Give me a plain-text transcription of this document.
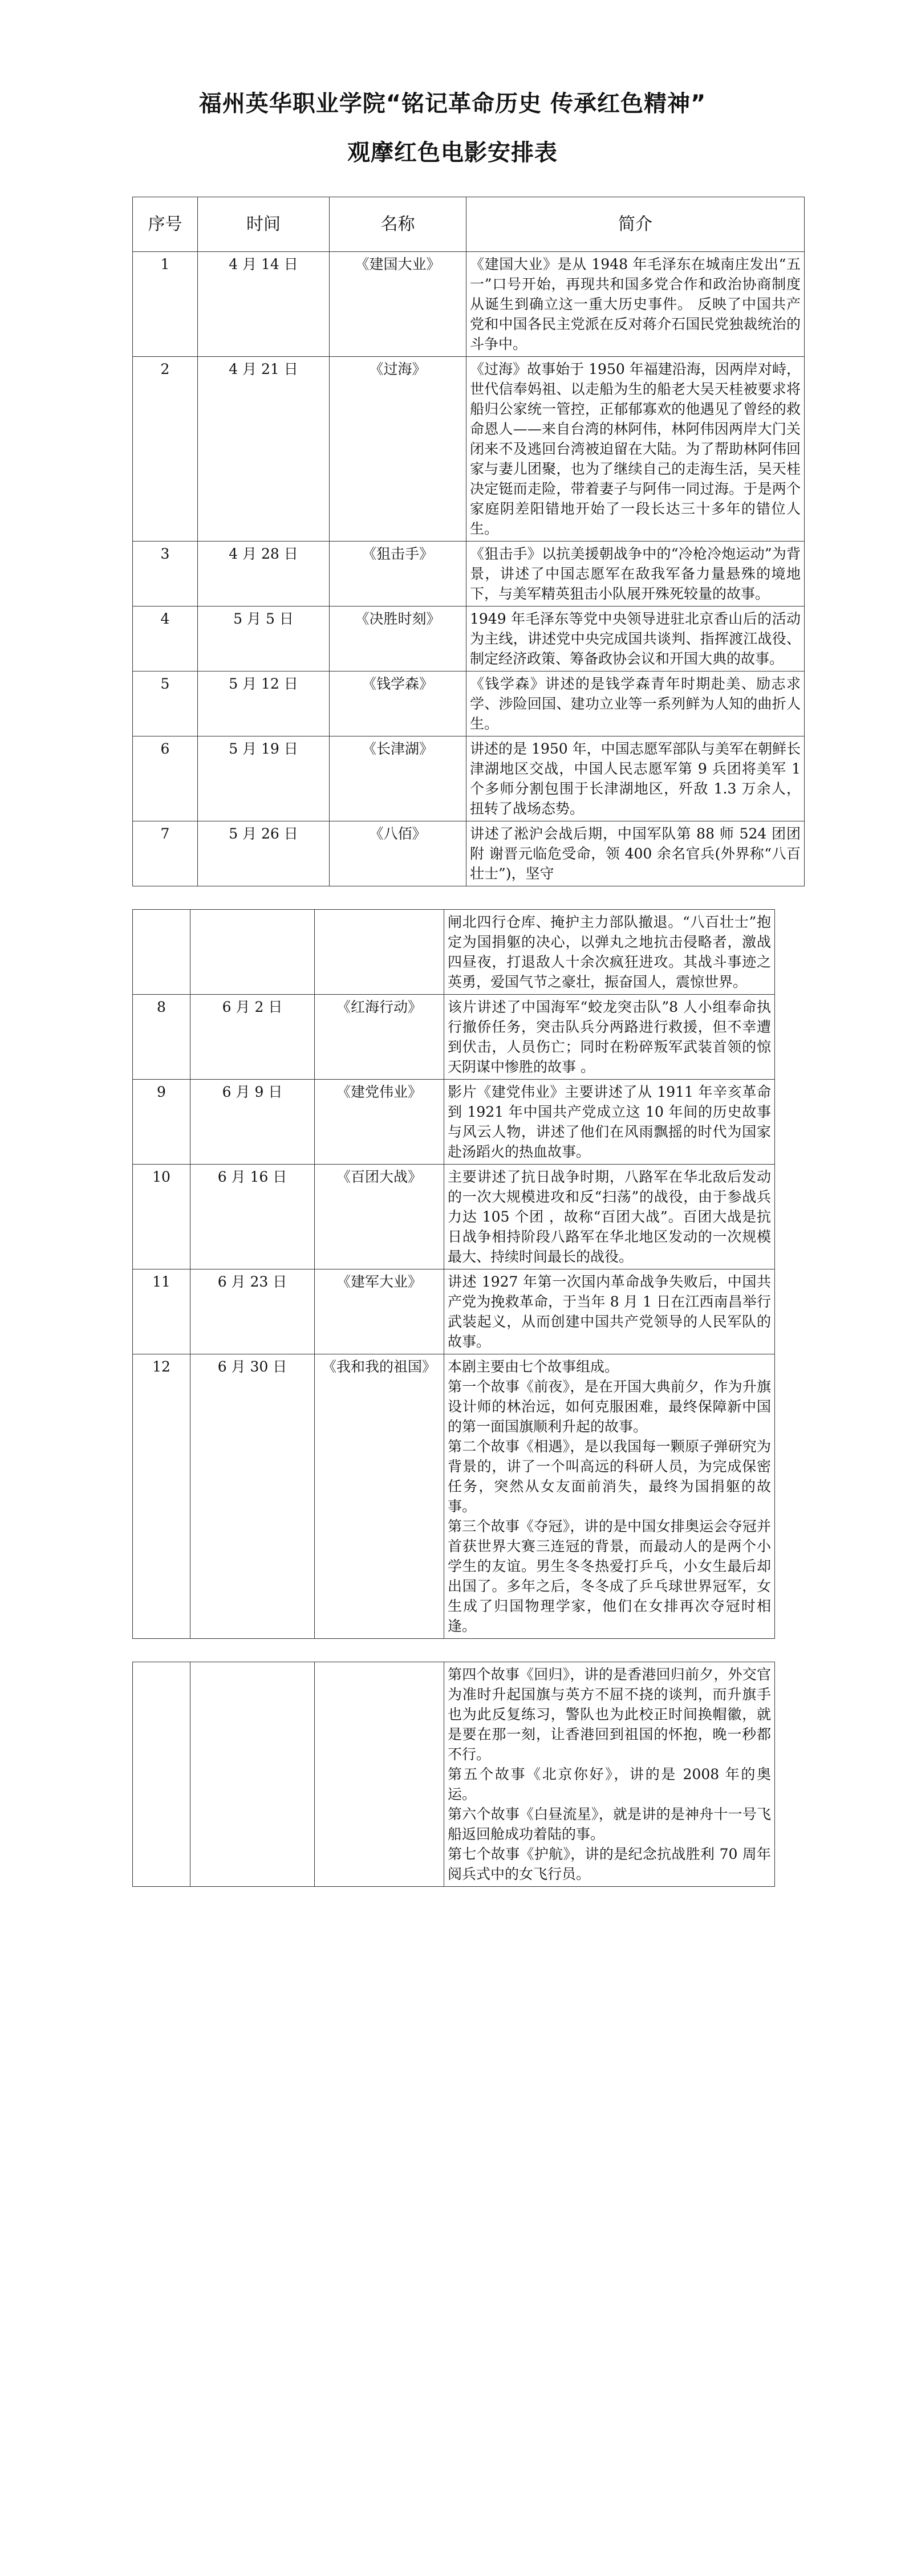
福州英华职业学院“铭记革命历史 传承红色精神”
观摩红色电影安排表
序号	时间	名称	简介
1	4 月 14 日	《建国大业》	《建国大业》是从 1948 年毛泽东在城南庄发出“五一”口号开始，再现共和国多党合作和政治协商制度从诞生到确立这一重大历史事件。 反映了中国共产党和中国各民主党派在反对蒋介石国民党独裁统治的斗争中。

2	4 月 21 日	《过海》	《过海》故事始于 1950 年福建沿海，因两岸对峙，世代信奉妈祖、以走船为生的船老大吴天桂被要求将船归公家统一管控，正郁郁寡欢的他遇见了曾经的救命恩人——来自台湾的林阿伟，林阿伟因两岸大门关闭来不及逃回台湾被迫留在大陆。为了帮助林阿伟回家与妻儿团聚，也为了继续自己的走海生活，吴天桂决定铤而走险，带着妻子与阿伟一同过海。于是两个家庭阴差阳错地开始了一段长达三十多年的错位人生。

3	4 月 28 日	《狙击手》	《狙击手》以抗美援朝战争中的“冷枪冷炮运动”为背景，讲述了中国志愿军在敌我军备力量悬殊的境地下，与美军精英狙击小队展开殊死较量的故事。

4	5 月 5 日	《决胜时刻》	1949 年毛泽东等党中央领导进驻北京香山后的活动为主线，讲述党中央完成国共谈判、指挥渡江战役、制定经济政策、筹备政协会议和开国大典的故事。

5	5 月 12 日	《钱学森》	《钱学森》讲述的是钱学森青年时期赴美、励志求学、涉险回国、建功立业等一系列鲜为人知的曲折人生。

6	5 月 19 日	《长津湖》	讲述的是 1950 年，中国志愿军部队与美军在朝鲜长津湖地区交战，中国人民志愿军第 9 兵团将美军 1 个多师分割包围于长津湖地区，歼敌 1.3 万余人，扭转了战场态势。

7	5 月 26 日	《八佰》	讲述了淞沪会战后期，中国军队第 88 师 524 团团附 谢晋元临危受命，领 400 余名官兵(外界称“八百壮士”)，坚守

			闸北四行仓库、掩护主力部队撤退。“八百壮士”抱定为国捐躯的决心，以弹丸之地抗击侵略者，激战四昼夜，打退敌人十余次疯狂进攻。其战斗事迹之英勇，爱国气节之豪壮，振奋国人，震惊世界。

8	6 月 2 日	《红海行动》	该片讲述了中国海军“蛟龙突击队”8 人小组奉命执行撤侨任务，突击队兵分两路进行救援，但不幸遭到伏击，人员伤亡；同时在粉碎叛军武装首领的惊天阴谋中惨胜的故事 。

9	6 月 9 日	《建党伟业》	影片《建党伟业》主要讲述了从 1911 年辛亥革命到 1921 年中国共产党成立这 10 年间的历史故事与风云人物，讲述了他们在风雨飘摇的时代为国家赴汤蹈火的热血故事。

10	6 月 16 日	《百团大战》	主要讲述了抗日战争时期，八路军在华北敌后发动的一次大规模进攻和反“扫荡”的战役，由于参战兵力达 105 个团 ，故称“百团大战”。百团大战是抗日战争相持阶段八路军在华北地区发动的一次规模最大、持续时间最长的战役。

11	6 月 23 日	《建军大业》	讲述 1927 年第一次国内革命战争失败后，中国共产党为挽救革命，于当年 8 月 1 日在江西南昌举行武装起义，从而创建中国共产党领导的人民军队的故事。

12	6 月 30 日	《我和我的祖国》	本剧主要由七个故事组成。

第一个故事《前夜》，是在开国大典前夕，作为升旗设计师的林治远，如何克服困难，最终保障新中国的第一面国旗顺利升起的故事。

第二个故事《相遇》，是以我国每一颗原子弹研究为背景的，讲了一个叫高远的科研人员，为完成保密任务，突然从女友面前消失，最终为国捐躯的故事。

第三个故事《夺冠》，讲的是中国女排奥运会夺冠并首获世界大赛三连冠的背景，而最动人的是两个小学生的友谊。男生冬冬热爱打乒乓，小女生最后却出国了。多年之后，冬冬成了乒乓球世界冠军，女生成了归国物理学家，他们在女排再次夺冠时相逢。

			第四个故事《回归》，讲的是香港回归前夕，外交官为准时升起国旗与英方不屈不挠的谈判，而升旗手也为此反复练习，警队也为此校正时间换帽徽，就是要在那一刻，让香港回到祖国的怀抱，晚一秒都不行。

第五个故事《北京你好》，讲的是 2008 年的奥运。

第六个故事《白昼流星》，就是讲的是神舟十一号飞船返回舱成功着陆的事。

第七个故事《护航》，讲的是纪念抗战胜利 70 周年阅兵式中的女飞行员。
